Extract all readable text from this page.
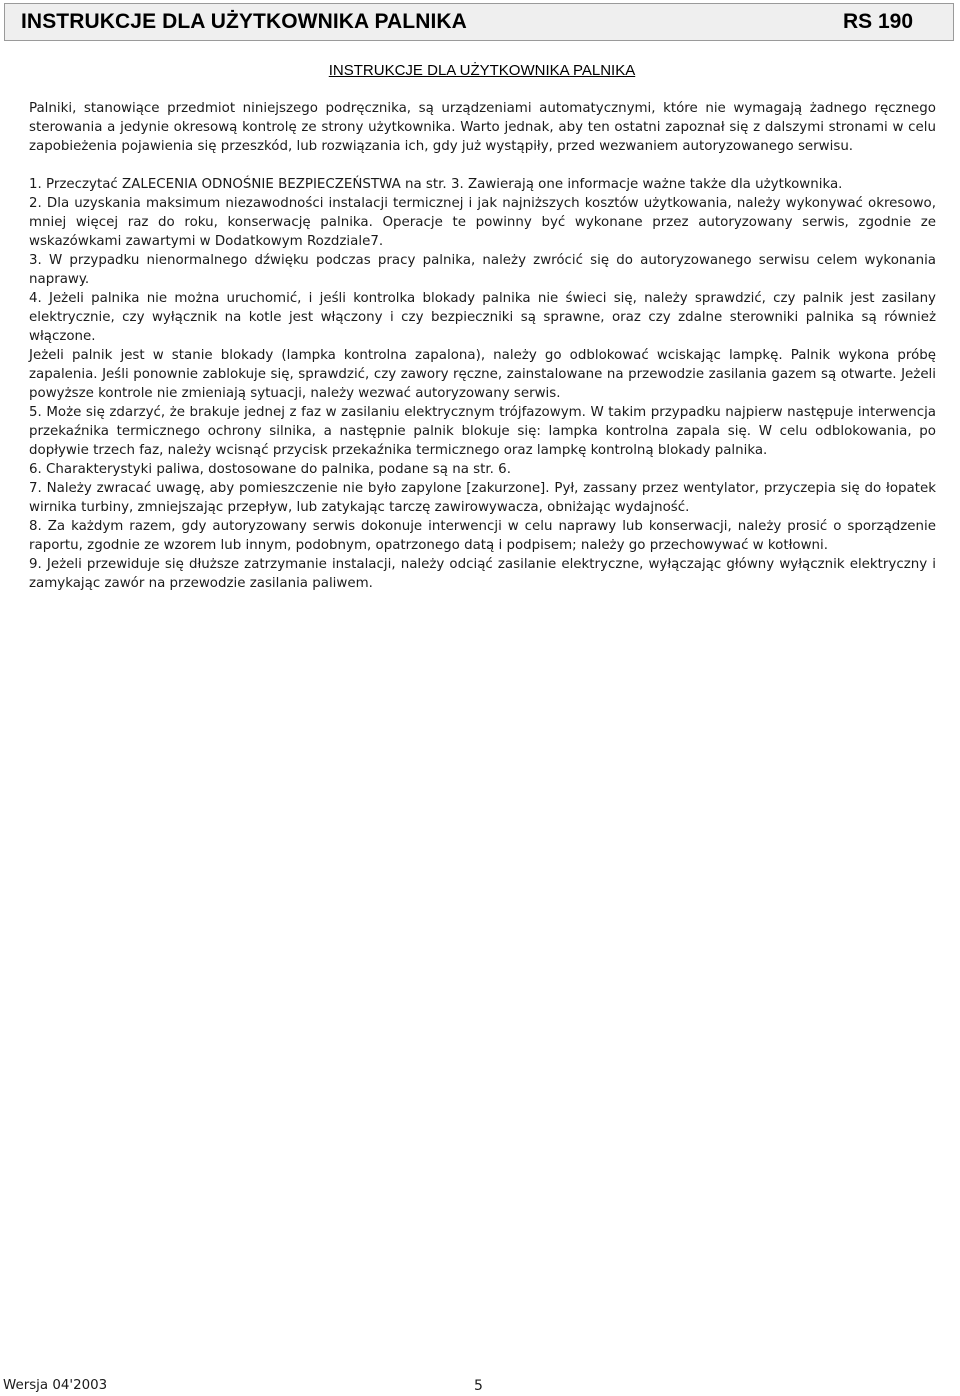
INSTRUKCJE DLA UŻYTKOWNIKA PALNIKA	RS 190
INSTRUKCJE DLA UŻYTKOWNIKA PALNIKA

Palniki, stanowiące przedmiot niniejszego podręcznika, są urządzeniami automatycznymi, które nie wymagają żadnego ręcznego sterowania a jedynie okresową kontrolę ze strony użytkownika. Warto jednak, aby ten ostatni zapoznał się z dalszymi stronami w celu zapobieżenia pojawienia się przeszkód, lub rozwiązania ich, gdy już wystąpiły, przed wezwaniem autoryzowanego serwisu.

1. Przeczytać ZALECENIA ODNOŚNIE BEZPIECZEŃSTWA na str. 3. Zawierają one informacje ważne także dla użytkownika.

2. Dla uzyskania maksimum niezawodności instalacji termicznej i jak najniższych kosztów użytkowania, należy wykonywać okresowo, mniej więcej raz do roku, konserwację palnika. Operacje te powinny być wykonane przez autoryzowany serwis, zgodnie ze wskazówkami zawartymi w Dodatkowym Rozdziale7.

3. W przypadku nienormalnego dźwięku podczas pracy palnika, należy zwrócić się do autoryzowanego serwisu celem wykonania naprawy.

4. Jeżeli palnika nie można uruchomić, i jeśli kontrolka blokady palnika nie świeci się, należy sprawdzić, czy palnik jest zasilany elektrycznie, czy wyłącznik na kotle jest włączony i czy bezpieczniki są sprawne, oraz czy zdalne sterowniki palnika są również włączone.

Jeżeli palnik jest w stanie blokady (lampka kontrolna zapalona), należy go odblokować wciskając lampkę. Palnik wykona próbę zapalenia. Jeśli ponownie zablokuje się, sprawdzić, czy zawory ręczne, zainstalowane na przewodzie zasilania gazem są otwarte. Jeżeli powyższe kontrole nie zmieniają sytuacji, należy wezwać autoryzowany serwis.

5. Może się zdarzyć, że brakuje jednej z faz w zasilaniu elektrycznym trójfazowym. W takim przypadku najpierw następuje interwencja przekaźnika termicznego ochrony silnika, a następnie palnik blokuje się: lampka kontrolna zapala się. W celu odblokowania, po dopływie trzech faz, należy wcisnąć przycisk przekaźnika termicznego oraz lampkę kontrolną blokady palnika.

6. Charakterystyki paliwa, dostosowane do palnika, podane są na str. 6.

7. Należy zwracać uwagę, aby pomieszczenie nie było zapylone [zakurzone]. Pył, zassany przez wentylator, przyczepia się do łopatek wirnika turbiny, zmniejszając przepływ, lub zatykając tarczę zawirowywacza, obniżając wydajność.

8. Za każdym razem, gdy autoryzowany serwis dokonuje interwencji w celu naprawy lub konserwacji, należy prosić o sporządzenie raportu, zgodnie ze wzorem lub innym, podobnym, opatrzonego datą i podpisem; należy go przechowywać w kotłowni.

9. Jeżeli przewiduje się dłuższe zatrzymanie instalacji, należy odciąć zasilanie elektryczne, wyłączając główny wyłącznik elektryczny i zamykając zawór na przewodzie zasilania paliwem.

Wersja 04'2003	5
